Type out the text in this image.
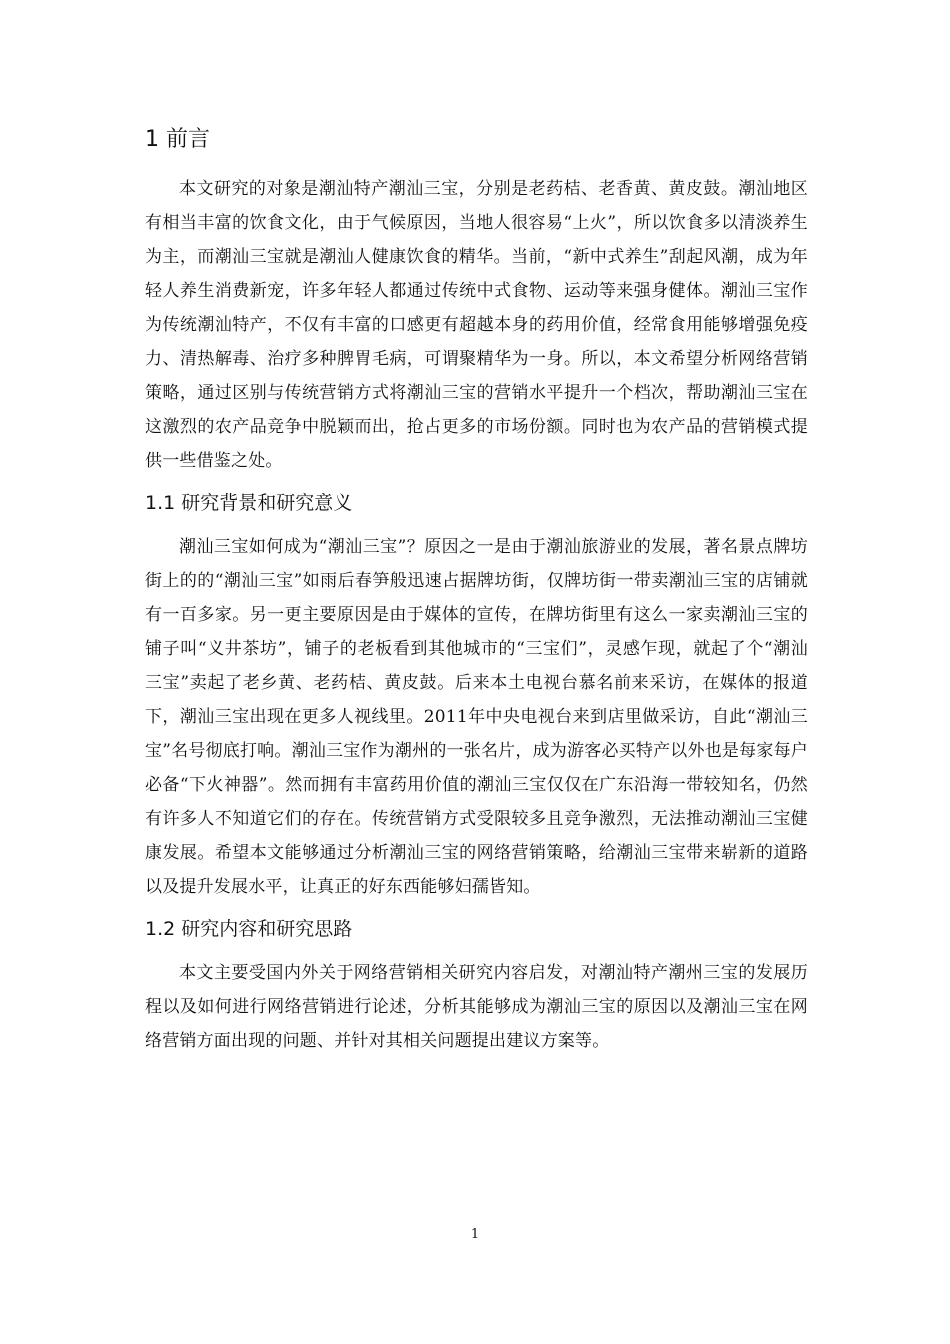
1 前言

本文研究的对象是潮汕特产潮汕三宝，分别是老药桔、老香黄、黄皮鼓。潮汕地区有相当丰富的饮食文化，由于气候原因，当地人很容易“上火”，所以饮食多以清淡养生为主，而潮汕三宝就是潮汕人健康饮食的精华。当前，“新中式养生”刮起风潮，成为年轻人养生消费新宠，许多年轻人都通过传统中式食物、运动等来强身健体。潮汕三宝作为传统潮汕特产，不仅有丰富的口感更有超越本身的药用价值，经常食用能够增强免疫力、清热解毒、治疗多种脾胃毛病，可谓聚精华为一身。所以，本文希望分析网络营销策略，通过区别与传统营销方式将潮汕三宝的营销水平提升一个档次，帮助潮汕三宝在这激烈的农产品竞争中脱颖而出，抢占更多的市场份额。同时也为农产品的营销模式提供一些借鉴之处。

1.1 研究背景和研究意义

潮汕三宝如何成为“潮汕三宝”？原因之一是由于潮汕旅游业的发展，著名景点牌坊街上的的“潮汕三宝”如雨后春笋般迅速占据牌坊街，仅牌坊街一带卖潮汕三宝的店铺就有一百多家。另一更主要原因是由于媒体的宣传，在牌坊街里有这么一家卖潮汕三宝的铺子叫“义井茶坊”，铺子的老板看到其他城市的“三宝们”，灵感乍现，就起了个“潮汕三宝”卖起了老乡黄、老药桔、黄皮鼓。后来本土电视台慕名前来采访，在媒体的报道下，潮汕三宝出现在更多人视线里。2011年中央电视台来到店里做采访，自此“潮汕三宝”名号彻底打响。潮汕三宝作为潮州的一张名片，成为游客必买特产以外也是每家每户必备“下火神器”。然而拥有丰富药用价值的潮汕三宝仅仅在广东沿海一带较知名，仍然有许多人不知道它们的存在。传统营销方式受限较多且竞争激烈，无法推动潮汕三宝健康发展。希望本文能够通过分析潮汕三宝的网络营销策略，给潮汕三宝带来崭新的道路以及提升发展水平，让真正的好东西能够妇孺皆知。

1.2 研究内容和研究思路

本文主要受国内外关于网络营销相关研究内容启发，对潮汕特产潮州三宝的发展历程以及如何进行网络营销进行论述，分析其能够成为潮汕三宝的原因以及潮汕三宝在网络营销方面出现的问题、并针对其相关问题提出建议方案等。

1
